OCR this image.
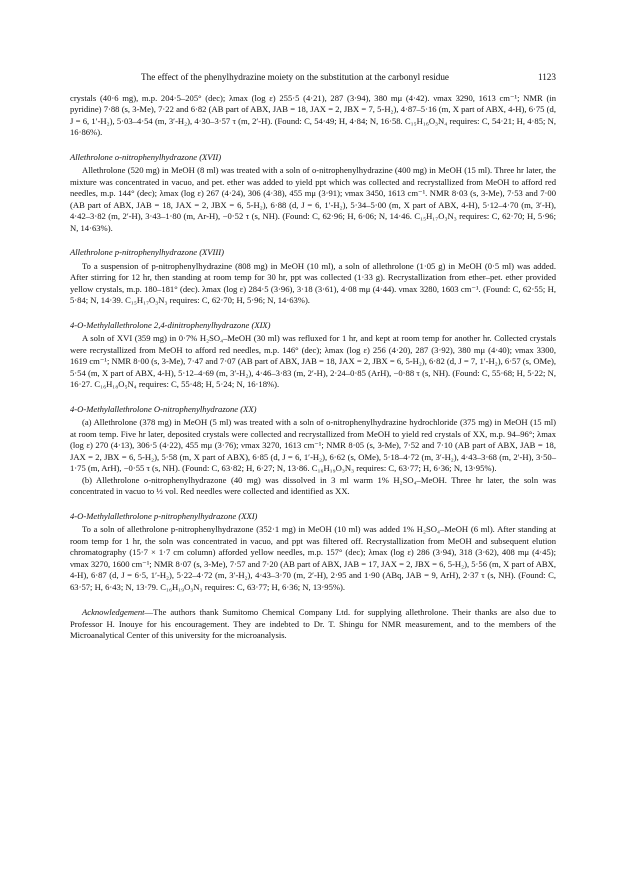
The effect of the phenylhydrazine moiety on the substitution at the carbonyl residue	1123

crystals (40·6 mg), m.p. 204·5–205° (dec); λmax (log ε) 255·5 (4·21), 287 (3·94), 380 mμ (4·42). νmax 3290, 1613 cm⁻¹; NMR (in pyridine) 7·88 (s, 3-Me), 7·22 and 6·82 (AB part of ABX, JAB = 18, JAX = 2, JBX = 7, 5-H₂), 4·87–5·16 (m, X part of ABX, 4-H), 6·75 (d, J = 6, 1′-H₂), 5·03–4·54 (m, 3′-H₂), 4·30–3·57 τ (m, 2′-H). (Found: C, 54·49; H, 4·84; N, 16·58. C₁₅H₁₆O₃N₄ requires: C, 54·21; H, 4·85; N, 16·86%).

Allethrolone o-nitrophenylhydrazone (XVII)

Allethrolone (520 mg) in MeOH (8 ml) was treated with a soln of o-nitrophenylhydrazine (400 mg) in MeOH (15 ml). Three hr later, the mixture was concentrated in vacuo, and pet. ether was added to yield ppt which was collected and recrystallized from MeOH to afford red needles, m.p. 144° (dec); λmax (log ε) 267 (4·24), 306 (4·38), 455 mμ (3·91); νmax 3450, 1613 cm⁻¹. NMR 8·03 (s, 3-Me), 7·53 and 7·00 (AB part of ABX, JAB = 18, JAX = 2, JBX = 6, 5-H₂), 6·88 (d, J = 6, 1′-H₂), 5·34–5·00 (m, X part of ABX, 4-H), 5·12–4·70 (m, 3′-H), 4·42–3·82 (m, 2′-H), 3·43–1·80 (m, Ar-H), −0·52 τ (s, NH). (Found: C, 62·96; H, 6·06; N, 14·46. C₁₅H₁₇O₃N₃ requires: C, 62·70; H, 5·96; N, 14·63%).

Allethrolone p-nitrophenylhydrazone (XVIII)

To a suspension of p-nitrophenylhydrazine (808 mg) in MeOH (10 ml), a soln of allethrolone (1·05 g) in MeOH (0·5 ml) was added. After stirring for 12 hr, then standing at room temp for 30 hr, ppt was collected (1·33 g). Recrystallization from ether–pet. ether provided yellow crystals, m.p. 180–181° (dec). λmax (log ε) 284·5 (3·96), 3·18 (3·61), 4·08 mμ (4·44). νmax 3280, 1603 cm⁻¹. (Found: C, 62·55; H, 5·84; N, 14·39. C₁₅H₁₇O₃N₃ requires: C, 62·70; H, 5·96; N, 14·63%).

4-O-Methylallethrolone 2,4-dinitrophenylhydrazone (XIX)

A soln of XVI (359 mg) in 0·7% H₂SO₄–MeOH (30 ml) was refluxed for 1 hr, and kept at room temp for another hr. Collected crystals were recrystallized from MeOH to afford red needles, m.p. 146° (dec); λmax (log ε) 256 (4·20), 287 (3·92), 380 mμ (4·40); νmax 3300, 1619 cm⁻¹; NMR 8·00 (s, 3-Me), 7·47 and 7·07 (AB part of ABX, JAB = 18, JAX = 2, JBX = 6, 5-H₂), 6·82 (d, J = 7, 1′-H₂), 6·57 (s, OMe), 5·54 (m, X part of ABX, 4-H), 5·12–4·69 (m, 3′-H₂), 4·46–3·83 (m, 2′-H), 2·24–0·85 (ArH), −0·88 τ (s, NH). (Found: C, 55·68; H, 5·22; N, 16·27. C₁₆H₁₈O₅N₄ requires: C, 55·48; H, 5·24; N, 16·18%).

4-O-Methylallethrolone O-nitrophenylhydrazone (XX)

(a) Allethrolone (378 mg) in MeOH (5 ml) was treated with a soln of o-nitrophenylhydrazine hydrochloride (375 mg) in MeOH (15 ml) at room temp. Five hr later, deposited crystals were collected and recrystallized from MeOH to yield red crystals of XX, m.p. 94–96°; λmax (log ε) 270 (4·13), 306·5 (4·22), 455 mμ (3·76); νmax 3270, 1613 cm⁻¹; NMR 8·05 (s, 3-Me), 7·52 and 7·10 (AB part of ABX, JAB = 18, JAX = 2, JBX = 6, 5-H₂), 5·58 (m, X part of ABX), 6·85 (d, J = 6, 1′-H₂), 6·62 (s, OMe), 5·18–4·72 (m, 3′-H₂), 4·43–3·68 (m, 2′-H), 3·50–1·75 (m, ArH), −0·55 τ (s, NH). (Found: C, 63·82; H, 6·27; N, 13·86. C₁₆H₁₉O₃N₃ requires: C, 63·77; H, 6·36; N, 13·95%).

(b) Allethrolone o-nitrophenylhydrazone (40 mg) was dissolved in 3 ml warm 1% H₂SO₄–MeOH. Three hr later, the soln was concentrated in vacuo to ½ vol. Red needles were collected and identified as XX.

4-O-Methylallethrolone p-nitrophenylhydrazone (XXI)

To a soln of allethrolone p-nitrophenylhydrazone (352·1 mg) in MeOH (10 ml) was added 1% H₂SO₄–MeOH (6 ml). After standing at room temp for 1 hr, the soln was concentrated in vacuo, and ppt was filtered off. Recrystallization from MeOH and subsequent elution chromatography (15·7 × 1·7 cm column) afforded yellow needles, m.p. 157° (dec); λmax (log ε) 286 (3·94), 318 (3·62), 408 mμ (4·45); νmax 3270, 1600 cm⁻¹; NMR 8·07 (s, 3-Me), 7·57 and 7·20 (AB part of ABX, JAB = 17, JAX = 2, JBX = 6, 5-H₂), 5·56 (m, X part of ABX, 4-H), 6·87 (d, J = 6·5, 1′-H₂), 5·22–4·72 (m, 3′-H₂), 4·43–3·70 (m, 2′-H), 2·95 and 1·90 (ABq, JAB = 9, ArH), 2·37 τ (s, NH). (Found: C, 63·57; H, 6·43; N, 13·79. C₁₆H₁₉O₃N₃ requires: C, 63·77; H, 6·36; N, 13·95%).

Acknowledgement—The authors thank Sumitomo Chemical Company Ltd. for supplying allethrolone. Their thanks are also due to Professor H. Inouye for his encouragement. They are indebted to Dr. T. Shingu for NMR measurement, and to the members of the Microanalytical Center of this university for the microanalysis.
